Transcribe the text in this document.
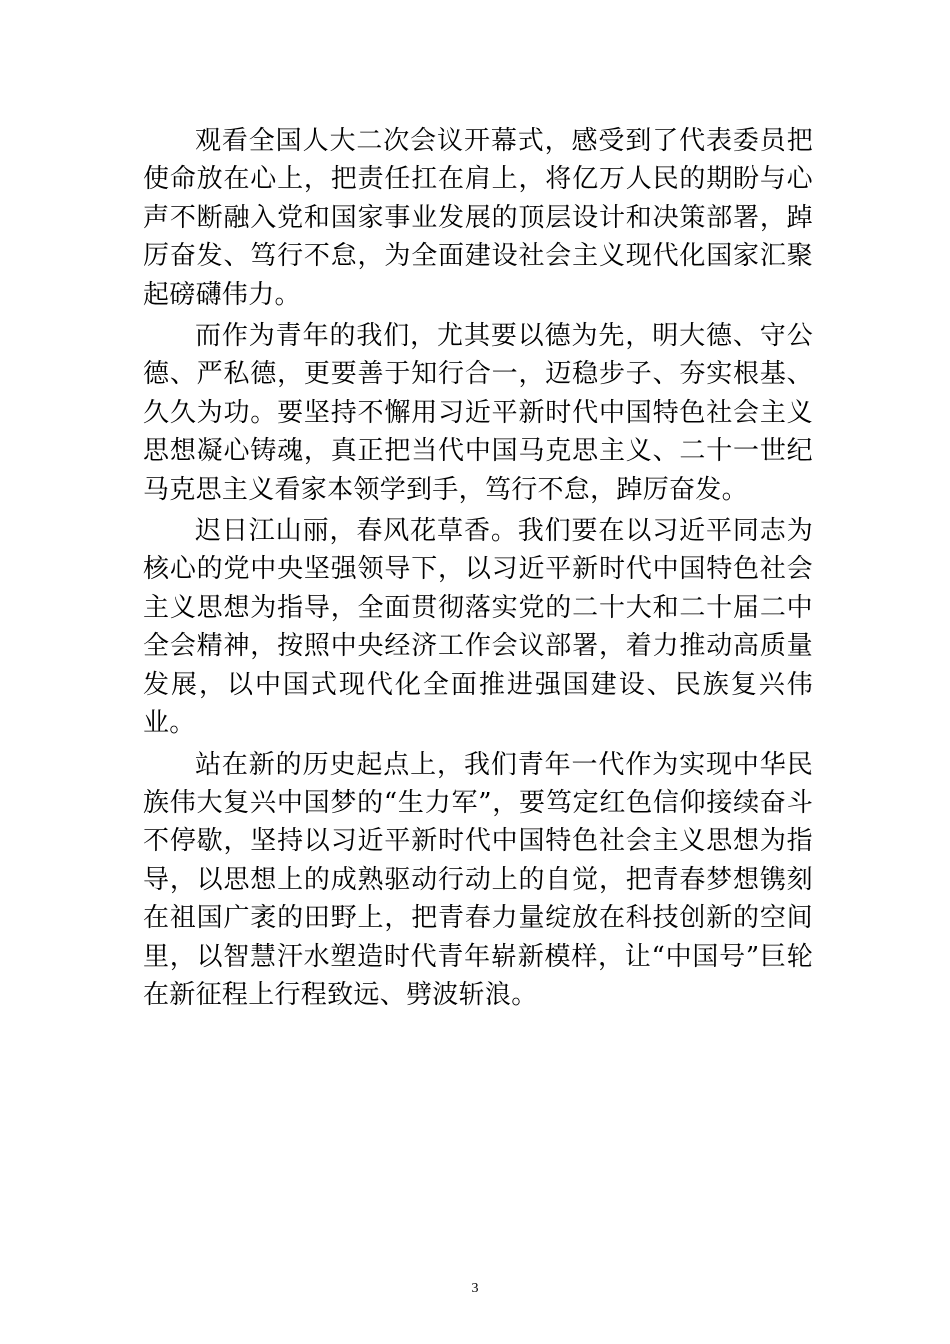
观看全国人大二次会议开幕式，感受到了代表委员把使命放在心上，把责任扛在肩上，将亿万人民的期盼与心声不断融入党和国家事业发展的顶层设计和决策部署，踔厉奋发、笃行不怠，为全面建设社会主义现代化国家汇聚起磅礴伟力。

而作为青年的我们，尤其要以德为先，明大德、守公德、严私德，更要善于知行合一，迈稳步子、夯实根基、久久为功。要坚持不懈用习近平新时代中国特色社会主义思想凝心铸魂，真正把当代中国马克思主义、二十一世纪马克思主义看家本领学到手，笃行不怠，踔厉奋发。

迟日江山丽，春风花草香。我们要在以习近平同志为核心的党中央坚强领导下，以习近平新时代中国特色社会主义思想为指导，全面贯彻落实党的二十大和二十届二中全会精神，按照中央经济工作会议部署，着力推动高质量发展，以中国式现代化全面推进强国建设、民族复兴伟业。

站在新的历史起点上，我们青年一代作为实现中华民族伟大复兴中国梦的“生力军”，要笃定红色信仰接续奋斗不停歇，坚持以习近平新时代中国特色社会主义思想为指导，以思想上的成熟驱动行动上的自觉，把青春梦想镌刻在祖国广袤的田野上，把青春力量绽放在科技创新的空间里，以智慧汗水塑造时代青年崭新模样，让“中国号”巨轮在新征程上行程致远、劈波斩浪。

3
